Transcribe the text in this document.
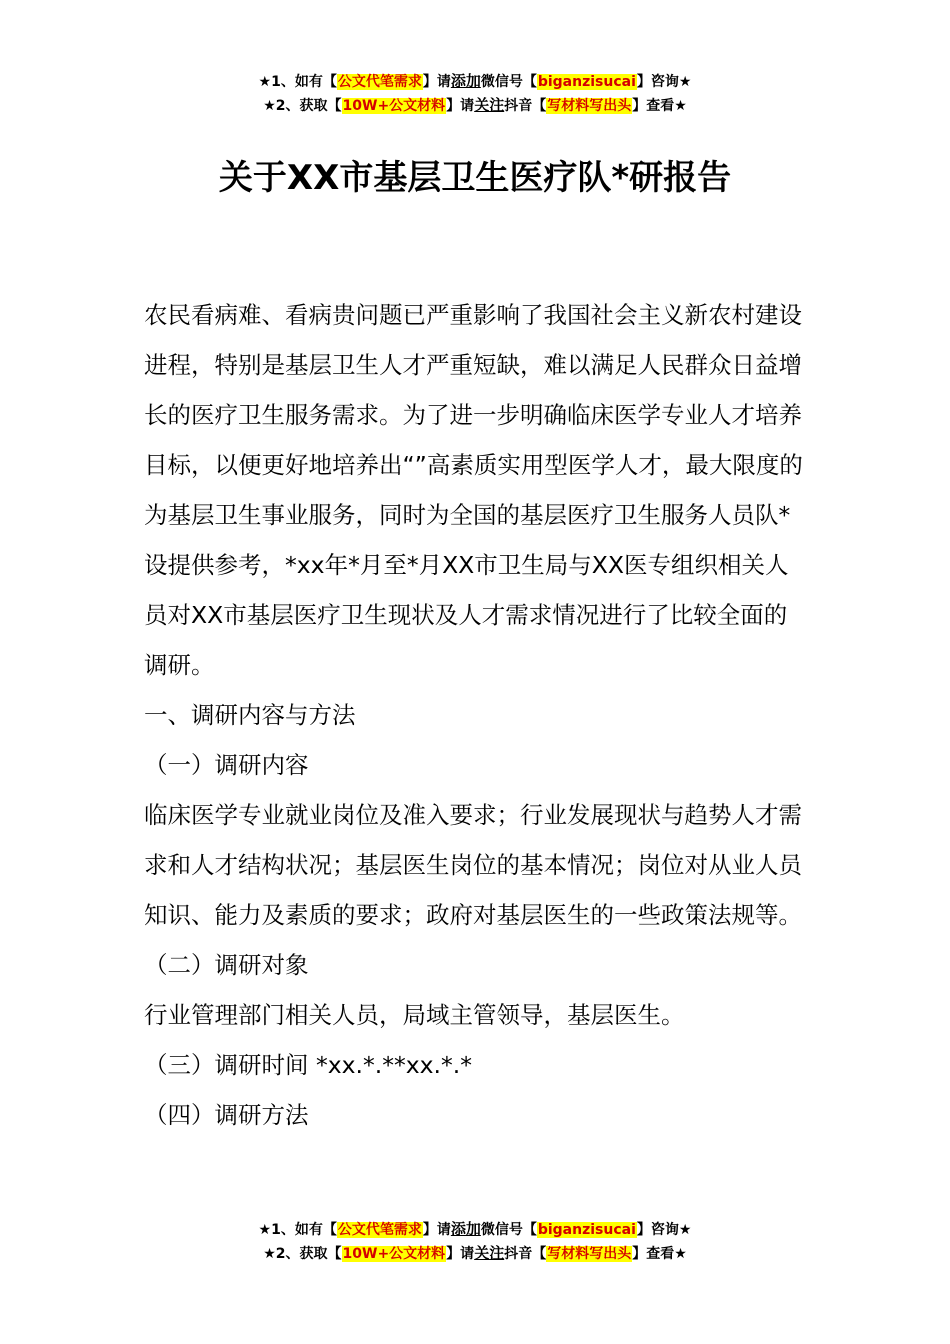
★1、如有【公文代笔需求】请添加微信号【biganzisucai】咨询★
★2、获取【10W+公文材料】请关注抖音【写材料写出头】查看★
关于XX市基层卫生医疗队*研报告

农民看病难、看病贵问题已严重影响了我国社会主义新农村建设进程，特别是基层卫生人才严重短缺，难以满足人民群众日益增长的医疗卫生服务需求。为了进一步明确临床医学专业人才培养目标，以便更好地培养出“”高素质实用型医学人才，最大限度的为基层卫生事业服务，同时为全国的基层医疗卫生服务人员队*设提供参考，*xx年*月至*月XX市卫生局与XX医专组织相关人员对XX市基层医疗卫生现状及人才需求情况进行了比较全面的调研。

一、调研内容与方法

（一）调研内容

临床医学专业就业岗位及准入要求；行业发展现状与趋势人才需求和人才结构状况；基层医生岗位的基本情况；岗位对从业人员知识、能力及素质的要求；政府对基层医生的一些政策法规等。

（二）调研对象

行业管理部门相关人员，局域主管领导，基层医生。

（三）调研时间 *xx.*.**xx.*.*

（四）调研方法

★1、如有【公文代笔需求】请添加微信号【biganzisucai】咨询★
★2、获取【10W+公文材料】请关注抖音【写材料写出头】查看★
